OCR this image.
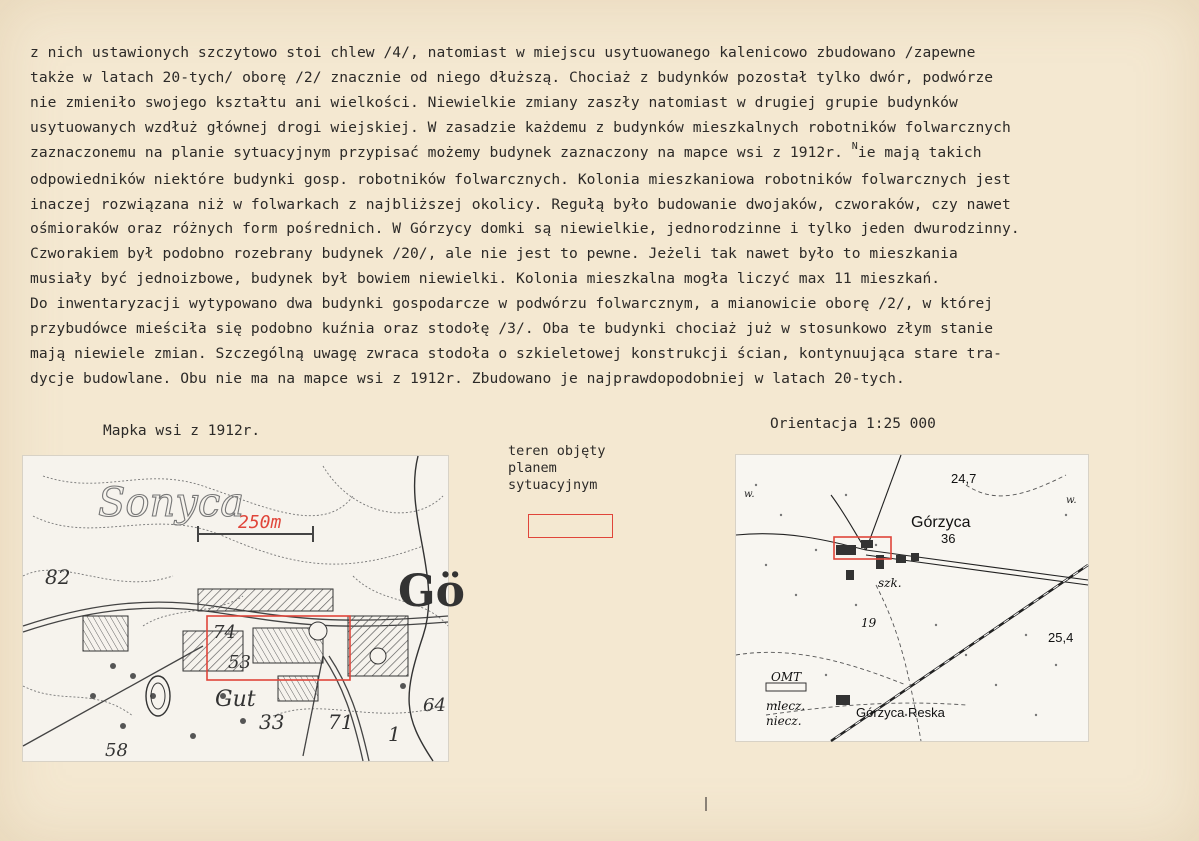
z nich ustawionych szczytowo stoi chlew /4/, natomiast w miejscu usytuowanego kalenicowo zbudowano /zapewne
także w latach 20-tych/ oborę /2/ znacznie od niego dłuższą. Chociaż z budynków pozostał tylko dwór, podwórze
nie zmieniło swojego kształtu ani wielkości. Niewielkie zmiany zaszły natomiast w drugiej grupie budynków
usytuowanych wzdłuż głównej drogi wiejskiej. W zasadzie każdemu z budynków mieszkalnych robotników folwarcznych
zaznaczonemu na planie sytuacyjnym przypisać możemy budynek zaznaczony na mapce wsi z 1912r. $^N$ie mają takich
odpowiedników niektóre budynki gosp. robotników folwarcznych. Kolonia mieszkaniowa robotników folwarcznych jest
inaczej rozwiązana niż w folwarkach z najbliższej okolicy. Regułą było budowanie dwojaków, czworaków, czy nawet
ośmioraków oraz różnych form pośrednich. W Górzycy domki są niewielkie, jednorodzinne i tylko jeden dwurodzinny.
Czworakiem był podobno rozebrany budynek /20/, ale nie jest to pewne. Jeżeli tak nawet było to mieszkania
musiały być jednoizbowe, budynek był bowiem niewielki. Kolonia mieszkalna mogła liczyć max 11 mieszkań.
Do inwentaryzacji wytypowano dwa budynki gospodarcze w podwórzu folwarcznym, a mianowicie oborę /2/, w której
przybudówce mieściła się podobno kuźnia oraz stodołę /3/. Oba te budynki chociaż już w stosunkowo złym stanie
mają niewiele zmian. Szczególną uwagę zwraca stodoła o szkieletowej konstrukcji ścian, kontynuująca stare tra-
dycje budowlane. Obu nie ma na mapce wsi z 1912r. Zbudowano je najprawdopodobniej w latach 20-tych.
Mapka wsi z 1912r.	Orientacja 1:25 000
Sonyca
250m
Gö
82
74
53
Gut
33 71 1
58
64
teren objęty
planem
sytuacyjnym
Górzyca
24,7
36
szk.
19
25,4
OMT
mlecz.
niecz.
Górzyca Reska
w.
w.
